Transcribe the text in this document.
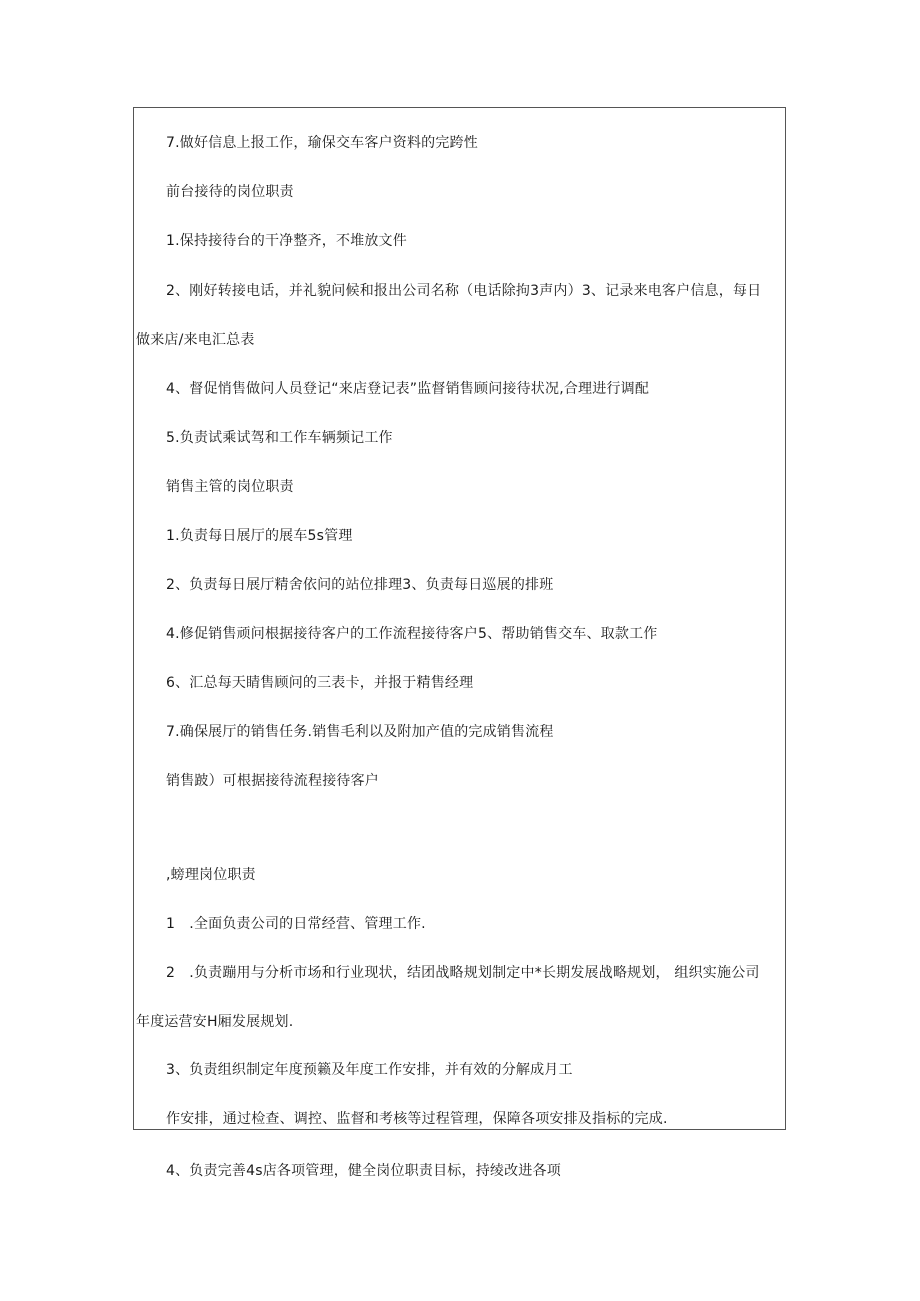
7.做好信息上报工作，瑜保交车客户资料的完跨性
前台接待的岗位职责
1.保持接待台的干净整齐，不堆放文件
2、刚好转接电话，并礼貌问候和报出公司名称（电话除拘3声内）3、记录来电客户信息，每日
做来店/来电汇总表
4、督促悄售做问人员登记“来店登记表”监督销售顾问接待状况,合理进行调配
5.负责试乘试驾和工作车辆频记工作
销售主管的岗位职责
1.负责每日展厅的展车5s管理
2、负责每日展厅精舍依问的站位排理3、负责每日巡展的排班
4.修促销售顽问根据接待客户的工作流程接待客户5、帮助销售交车、取款工作
6、汇总每天睛售顾问的三表卡，并报于精售经理
7.确保展厅的销售任务.销售毛利以及附加产值的完成销售流程
销售跛）可根据接待流程接待客户
,螃理岗位职责
1　.全面负责公司的日常经营、管理工作.
2　.负责蹦用与分析市场和行业现状，结团战略规划制定中*长期发展战略规划， 组织实施公司
年度运营安H厢发展规划.
3、负责组织制定年度预籁及年度工作安排，并有效的分解成月工
作安排，通过检查、调控、监督和考核等过程管理，保障各项安排及指标的完成.
4、负责完善4s店各项管理，健全岗位职责目标，持绫改进各项
